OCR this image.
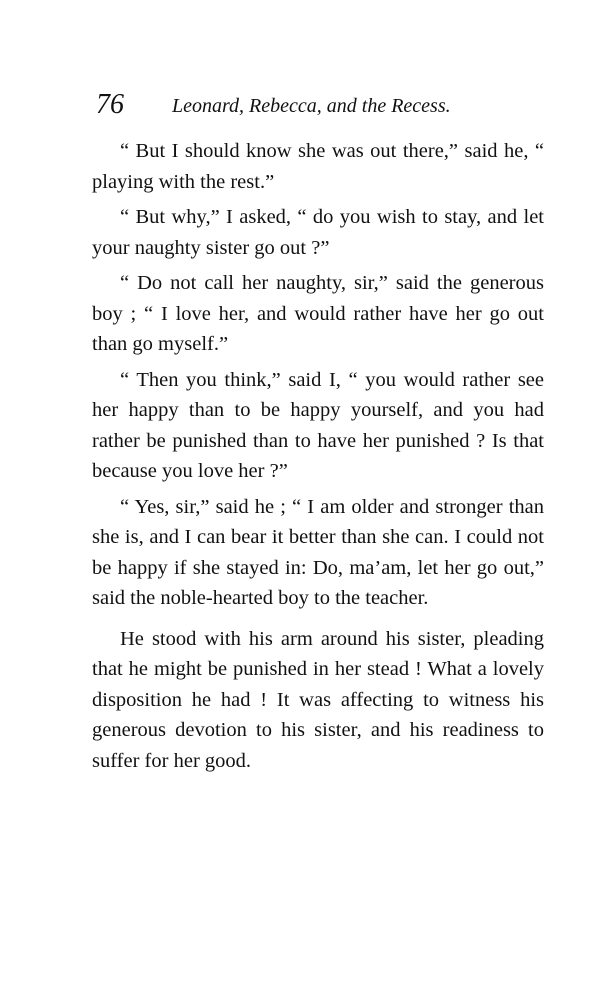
76 Leonard, Rebecca, and the Recess.

“ But I should know she was out there,” said he, “ playing with the rest.”

“ But why,” I asked, “ do you wish to stay, and let your naughty sister go out ?”

“ Do not call her naughty, sir,” said the generous boy ; “ I love her, and would rather have her go out than go myself.”

“ Then you think,” said I, “ you would rather see her happy than to be happy yourself, and you had rather be punished than to have her punished ? Is that because you love her ?”

“ Yes, sir,” said he ; “ I am older and stronger than she is, and I can bear it better than she can. I could not be happy if she stayed in: Do, ma’am, let her go out,” said the noble-hearted boy to the teacher.

He stood with his arm around his sister, pleading that he might be punished in her stead ! What a lovely disposition he had ! It was affecting to witness his generous devotion to his sister, and his readiness to suffer for her good.
